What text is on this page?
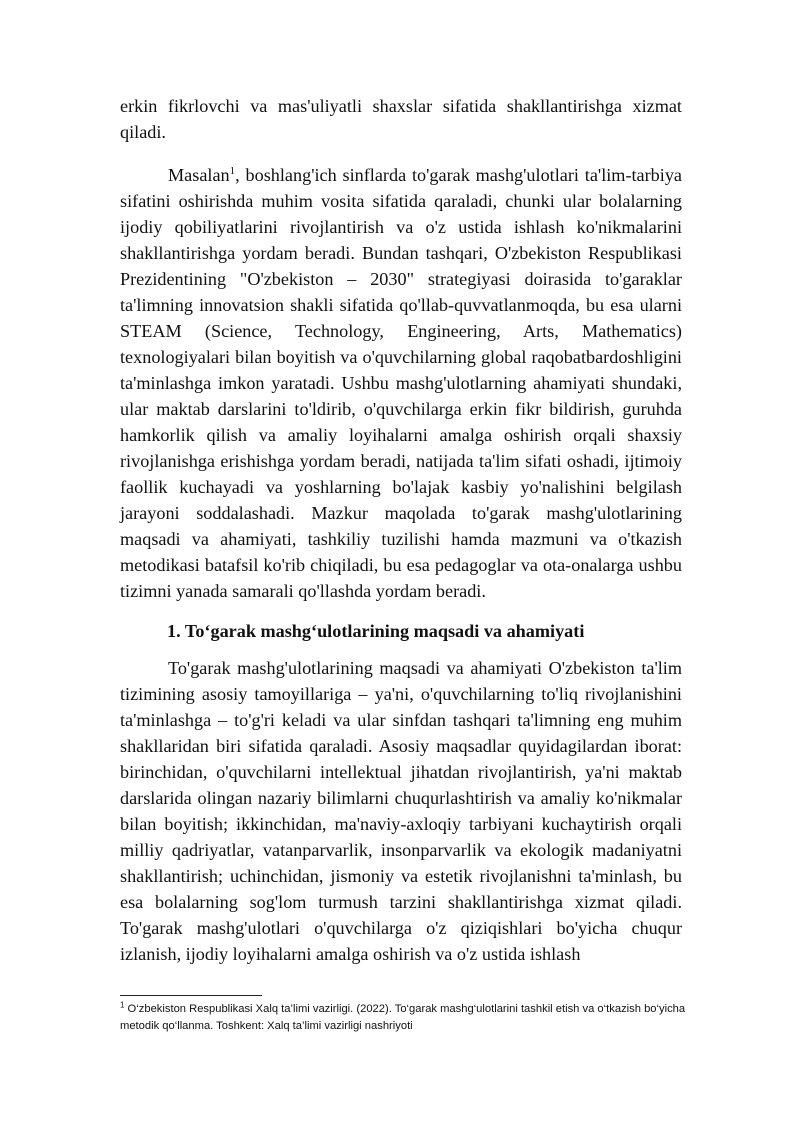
erkin fikrlovchi va mas'uliyatli shaxslar sifatida shakllantirishga xizmat qiladi.

Masalan$^1$, boshlang'ich sinflarda to'garak mashg'ulotlari ta'lim-tarbiya sifatini oshirishda muhim vosita sifatida qaraladi, chunki ular bolalarning ijodiy qobiliyatlarini rivojlantirish va o'z ustida ishlash ko'nikmalarini shakllantirishga yordam beradi. Bundan tashqari, O'zbekiston Respublikasi Prezidentining "O'zbekiston – 2030" strategiyasi doirasida to'garaklar ta'limning innovatsion shakli sifatida qo'llab-quvvatlanmoqda, bu esa ularni STEAM (Science, Technology, Engineering, Arts, Mathematics) texnologiyalari bilan boyitish va o'quvchilarning global raqobatbardoshligini ta'minlashga imkon yaratadi. Ushbu mashg'ulotlarning ahamiyati shundaki, ular maktab darslarini to'ldirib, o'quvchilarga erkin fikr bildirish, guruhda hamkorlik qilish va amaliy loyihalarni amalga oshirish orqali shaxsiy rivojlanishga erishishga yordam beradi, natijada ta'lim sifati oshadi, ijtimoiy faollik kuchayadi va yoshlarning bo'lajak kasbiy yo'nalishini belgilash jarayoni soddalashadi. Mazkur maqolada to'garak mashg'ulotlarining maqsadi va ahamiyati, tashkiliy tuzilishi hamda mazmuni va o'tkazish metodikasi batafsil ko'rib chiqiladi, bu esa pedagoglar va ota-onalarga ushbu tizimni yanada samarali qo'llashda yordam beradi.

1. To‘garak mashg‘ulotlarining maqsadi va ahamiyati

To'garak mashg'ulotlarining maqsadi va ahamiyati O'zbekiston ta'lim tizimining asosiy tamoyillariga – ya'ni, o'quvchilarning to'liq rivojlanishini ta'minlashga – to'g'ri keladi va ular sinfdan tashqari ta'limning eng muhim shakllaridan biri sifatida qaraladi. Asosiy maqsadlar quyidagilardan iborat: birinchidan, o'quvchilarni intellektual jihatdan rivojlantirish, ya'ni maktab darslarida olingan nazariy bilimlarni chuqurlashtirish va amaliy ko'nikmalar bilan boyitish; ikkinchidan, ma'naviy-axloqiy tarbiyani kuchaytirish orqali milliy qadriyatlar, vatanparvarlik, insonparvarlik va ekologik madaniyatni shakllantirish; uchinchidan, jismoniy va estetik rivojlanishni ta'minlash, bu esa bolalarning sog'lom turmush tarzini shakllantirishga xizmat qiladi. To'garak mashg'ulotlari o'quvchilarga o'z qiziqishlari bo'yicha chuqur izlanish, ijodiy loyihalarni amalga oshirish va o'z ustida ishlash

$^1$ O‘zbekiston Respublikasi Xalq ta’limi vazirligi. (2022). To‘garak mashg‘ulotlarini tashkil etish va o‘tkazish bo‘yicha metodik qo‘llanma. Toshkent: Xalq ta’limi vazirligi nashriyoti
